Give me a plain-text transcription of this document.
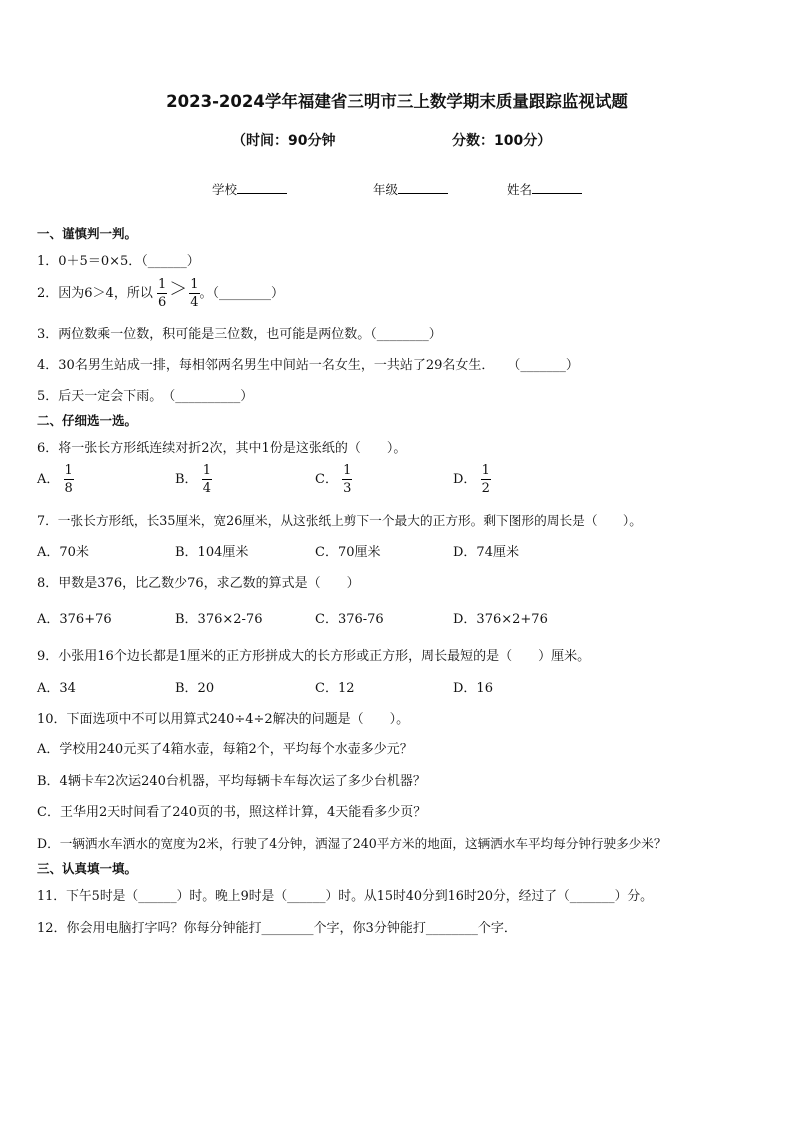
2023-2024学年福建省三明市三上数学期末质量跟踪监视试题
（时间：90分钟	分数：100分）
学校	年级	姓名
一、谨慎判一判。
1．0＋5＝0×5．（______）
2．因为6＞4，所以 $\frac{1}{6} > \frac{1}{4}$ 。（________）
3．两位数乘一位数，积可能是三位数，也可能是两位数。（________）
4．30名男生站成一排，每相邻两名男生中间站一名女生，一共站了29名女生．　　（_______）
5．后天一定会下雨。　（__________）
二、仔细选一选。
6．将一张长方形纸连续对折2次，其中1份是这张纸的（　　）。
A． $\frac{1}{8}$	B． $\frac{1}{4}$	C． $\frac{1}{3}$	D． $\frac{1}{2}$
7．一张长方形纸，长35厘米，宽26厘米，从这张纸上剪下一个最大的正方形。剩下图形的周长是（　　）。
A．70米	B．104厘米	C．70厘米	D．74厘米
8．甲数是376，比乙数少76，求乙数的算式是（　　）
A．376+76	B．376×2-76	C．376-76	D．376×2+76
9．小张用16个边长都是1厘米的正方形拼成大的长方形或正方形，周长最短的是（　　）厘米。
A．34	B．20	C．12	D．16
10．下面选项中不可以用算式240÷4÷2解决的问题是（　　）。
A．学校用240元买了4箱水壶，每箱2个，平均每个水壶多少元？
B．4辆卡车2次运240台机器，平均每辆卡车每次运了多少台机器？
C．王华用2天时间看了240页的书，照这样计算，4天能看多少页？
D．一辆洒水车洒水的宽度为2米，行驶了4分钟，洒湿了240平方米的地面，这辆洒水车平均每分钟行驶多少米？
三、认真填一填。
11．下午5时是（______）时。晚上9时是（______）时。从15时40分到16时20分，经过了（_______）分。
12．你会用电脑打字吗？你每分钟能打________个字，你3分钟能打________个字．
